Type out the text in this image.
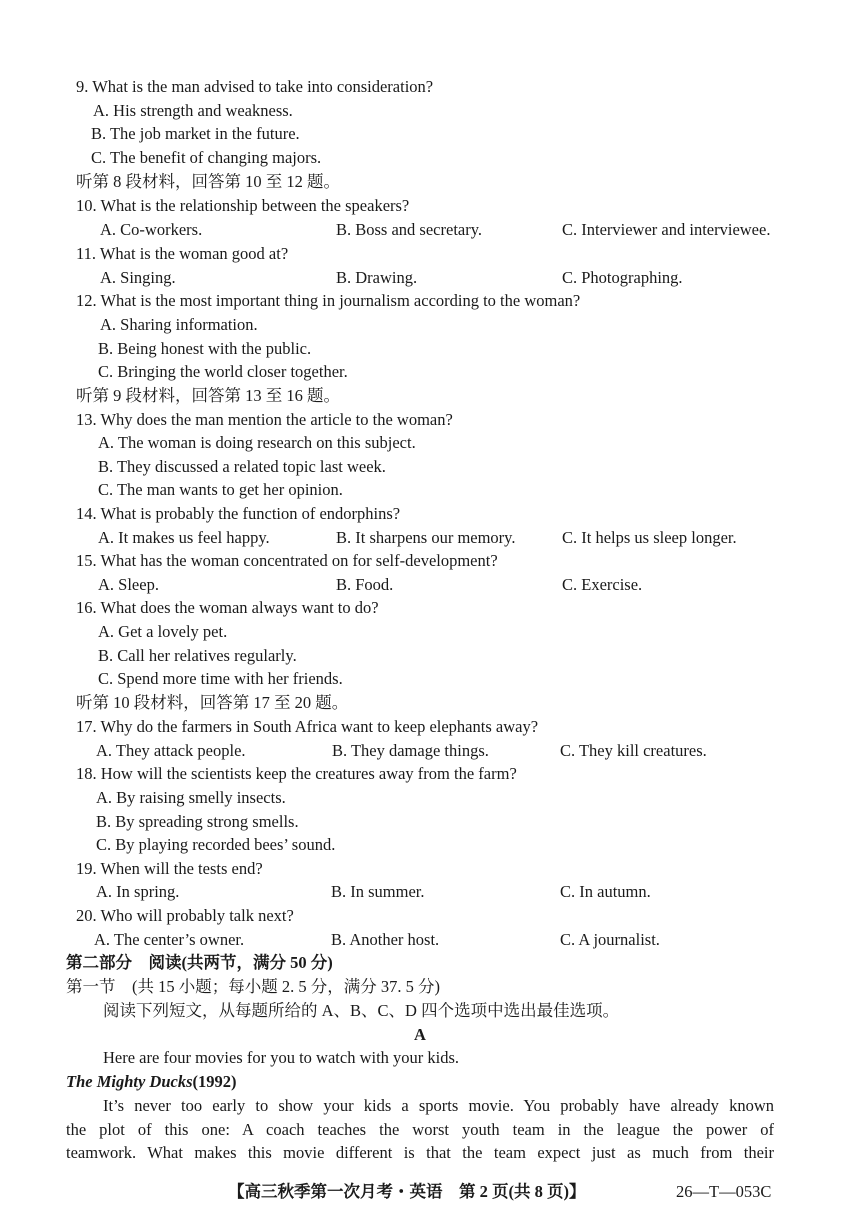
9. What is the man advised to take into consideration?
A. His strength and weakness.
B. The job market in the future.
C. The benefit of changing majors.
听第 8 段材料，回答第 10 至 12 题。
10. What is the relationship between the speakers?
A. Co-workers.	B. Boss and secretary.	C. Interviewer and interviewee.
11. What is the woman good at?
A. Singing.	B. Drawing.	C. Photographing.
12. What is the most important thing in journalism according to the woman?
A. Sharing information.
B. Being honest with the public.
C. Bringing the world closer together.
听第 9 段材料，回答第 13 至 16 题。
13. Why does the man mention the article to the woman?
A. The woman is doing research on this subject.
B. They discussed a related topic last week.
C. The man wants to get her opinion.
14. What is probably the function of endorphins?
A. It makes us feel happy.	B. It sharpens our memory.	C. It helps us sleep longer.
15. What has the woman concentrated on for self-development?
A. Sleep.	B. Food.	C. Exercise.
16. What does the woman always want to do?
A. Get a lovely pet.
B. Call her relatives regularly.
C. Spend more time with her friends.
听第 10 段材料，回答第 17 至 20 题。
17. Why do the farmers in South Africa want to keep elephants away?
A. They attack people.	B. They damage things.	C. They kill creatures.
18. How will the scientists keep the creatures away from the farm?
A. By raising smelly insects.
B. By spreading strong smells.
C. By playing recorded bees’ sound.
19. When will the tests end?
A. In spring.	B. In summer.	C. In autumn.
20. Who will probably talk next?
A. The center’s owner.	B. Another host.	C. A journalist.
第二部分　阅读(共两节，满分 50 分)
第一节　(共 15 小题；每小题 2. 5 分，满分 37. 5 分)
阅读下列短文，从每题所给的 A、B、C、D 四个选项中选出最佳选项。
A
Here are four movies for you to watch with your kids.
The Mighty Ducks(1992)
It’s never too early to show your kids a sports movie. You probably have already known
the plot of this one: A coach teaches the worst youth team in the league the power of
teamwork. What makes this movie different is that the team expect just as much from their
【高三秋季第一次月考・英语　第 2 页(共 8 页)】	26—T—053C
